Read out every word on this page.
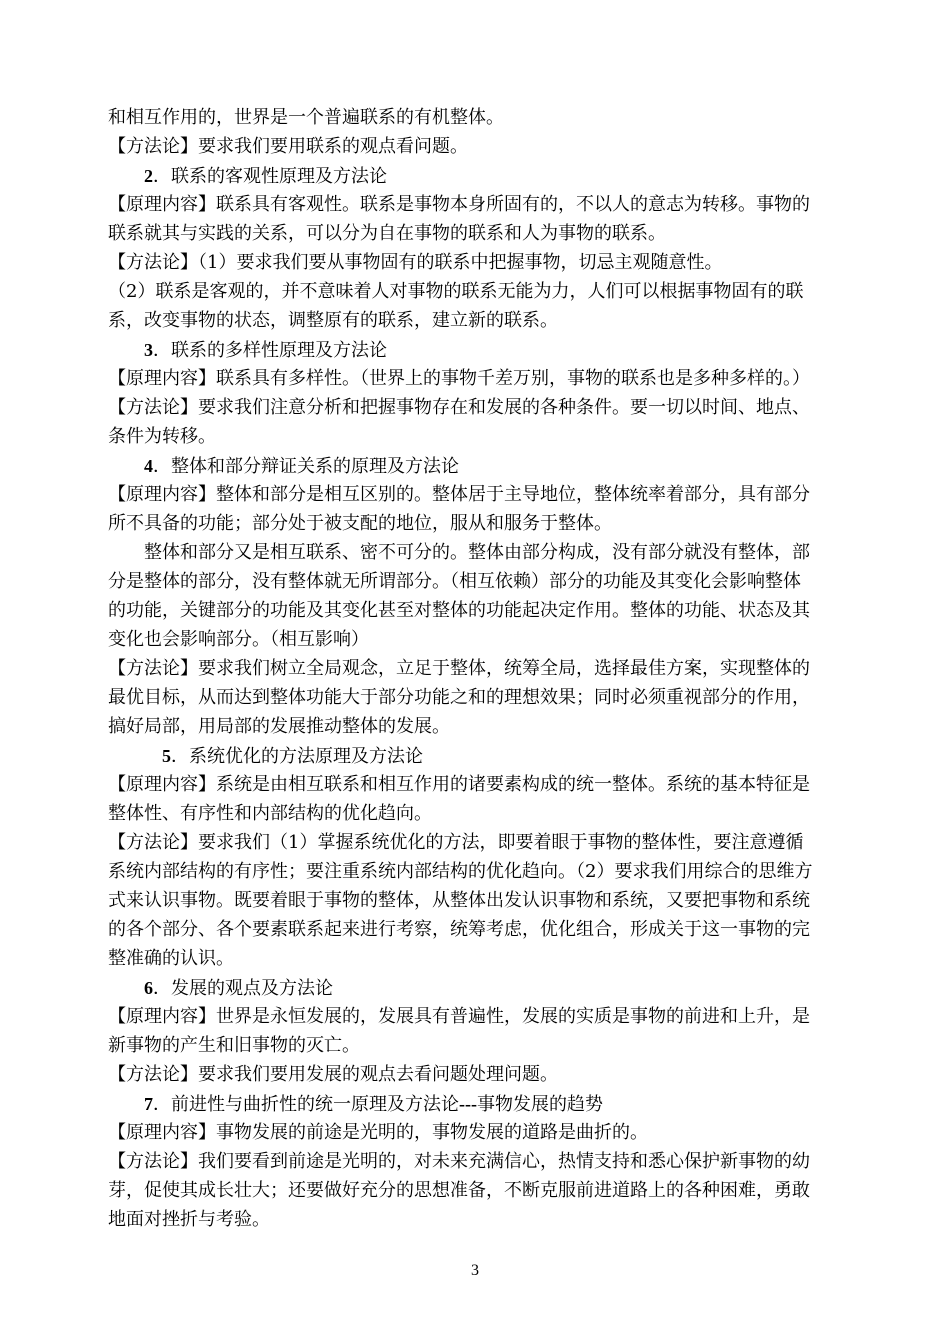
和相互作用的，世界是一个普遍联系的有机整体。
【方法论】要求我们要用联系的观点看问题。
2．联系的客观性原理及方法论
【原理内容】联系具有客观性。联系是事物本身所固有的，不以人的意志为转移。事物的
联系就其与实践的关系，可以分为自在事物的联系和人为事物的联系。
【方法论】（1）要求我们要从事物固有的联系中把握事物，切忌主观随意性。
（2）联系是客观的，并不意味着人对事物的联系无能为力，人们可以根据事物固有的联
系，改变事物的状态，调整原有的联系，建立新的联系。
3．联系的多样性原理及方法论
【原理内容】联系具有多样性。（世界上的事物千差万别，事物的联系也是多种多样的。）
【方法论】要求我们注意分析和把握事物存在和发展的各种条件。要一切以时间、地点、
条件为转移。
4．整体和部分辩证关系的原理及方法论
【原理内容】整体和部分是相互区别的。整体居于主导地位，整体统率着部分，具有部分
所不具备的功能；部分处于被支配的地位，服从和服务于整体。
整体和部分又是相互联系、密不可分的。整体由部分构成，没有部分就没有整体，部
分是整体的部分，没有整体就无所谓部分。（相互依赖）部分的功能及其变化会影响整体
的功能，关键部分的功能及其变化甚至对整体的功能起决定作用。整体的功能、状态及其
变化也会影响部分。（相互影响）
【方法论】要求我们树立全局观念，立足于整体，统筹全局，选择最佳方案，实现整体的
最优目标，从而达到整体功能大于部分功能之和的理想效果；同时必须重视部分的作用，
搞好局部，用局部的发展推动整体的发展。
5．系统优化的方法原理及方法论
【原理内容】系统是由相互联系和相互作用的诸要素构成的统一整体。系统的基本特征是
整体性、有序性和内部结构的优化趋向。
【方法论】要求我们（1）掌握系统优化的方法，即要着眼于事物的整体性，要注意遵循
系统内部结构的有序性；要注重系统内部结构的优化趋向。（2）要求我们用综合的思维方
式来认识事物。既要着眼于事物的整体，从整体出发认识事物和系统，又要把事物和系统
的各个部分、各个要素联系起来进行考察，统筹考虑，优化组合，形成关于这一事物的完
整准确的认识。
6．发展的观点及方法论
【原理内容】世界是永恒发展的，发展具有普遍性，发展的实质是事物的前进和上升，是
新事物的产生和旧事物的灭亡。
【方法论】要求我们要用发展的观点去看问题处理问题。
7．前进性与曲折性的统一原理及方法论---事物发展的趋势
【原理内容】事物发展的前途是光明的，事物发展的道路是曲折的。
【方法论】我们要看到前途是光明的，对未来充满信心，热情支持和悉心保护新事物的幼
芽，促使其成长壮大；还要做好充分的思想准备，不断克服前进道路上的各种困难，勇敢
地面对挫折与考验。
3
